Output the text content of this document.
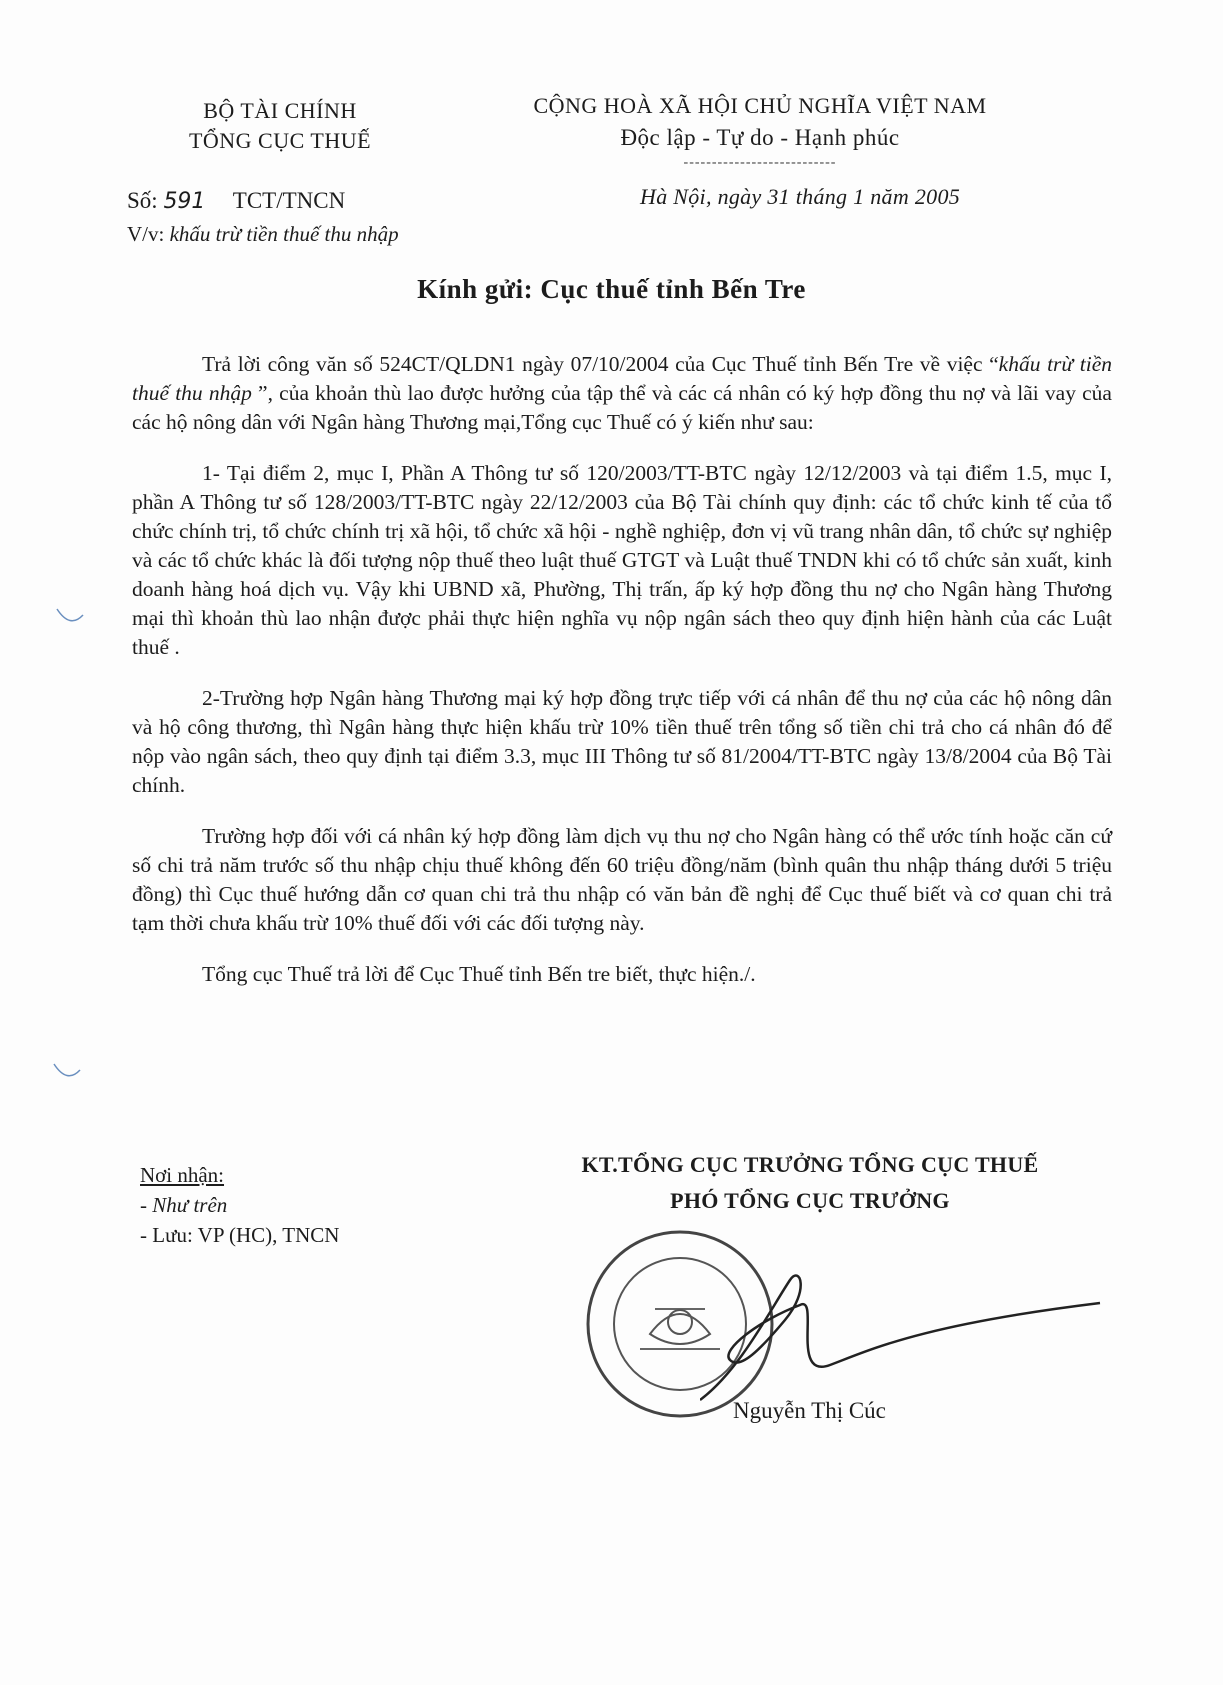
BỘ TÀI CHÍNH
TỔNG CỤC THUẾ
CỘNG HOÀ XÃ HỘI CHỦ NGHĨA VIỆT NAM
Độc lập - Tự do - Hạnh phúc
---------------------------
Số: 591 TCT/TNCN
V/v: khấu trừ tiền thuế thu nhập
Hà Nội, ngày 31 tháng 1 năm 2005
Kính gửi: Cục thuế tỉnh Bến Tre

Trả lời công văn số 524CT/QLDN1 ngày 07/10/2004 của Cục Thuế tỉnh Bến Tre về việc “khấu trừ tiền thuế thu nhập ”, của khoản thù lao được hưởng của tập thể và các cá nhân có ký hợp đồng thu nợ và lãi vay của các hộ nông dân với Ngân hàng Thương mại,Tổng cục Thuế có ý kiến như sau:

1- Tại điểm 2, mục I, Phần A Thông tư số 120/2003/TT-BTC ngày 12/12/2003 và tại điểm 1.5, mục I, phần A Thông tư số 128/2003/TT-BTC ngày 22/12/2003 của Bộ Tài chính quy định: các tổ chức kinh tế của tổ chức chính trị, tổ chức chính trị xã hội, tổ chức xã hội - nghề nghiệp, đơn vị vũ trang nhân dân, tổ chức sự nghiệp và các tổ chức khác là đối tượng nộp thuế theo luật thuế GTGT và Luật thuế TNDN khi có tổ chức sản xuất, kinh doanh hàng hoá dịch vụ. Vậy khi UBND xã, Phường, Thị trấn, ấp ký hợp đồng thu nợ cho Ngân hàng Thương mại thì khoản thù lao nhận được phải thực hiện nghĩa vụ nộp ngân sách theo quy định hiện hành của các Luật thuế .

2-Trường hợp Ngân hàng Thương mại ký hợp đồng trực tiếp với cá nhân để thu nợ của các hộ nông dân và hộ công thương, thì Ngân hàng thực hiện khấu trừ 10% tiền thuế trên tổng số tiền chi trả cho cá nhân đó để nộp vào ngân sách, theo quy định tại điểm 3.3, mục III Thông tư số 81/2004/TT-BTC ngày 13/8/2004 của Bộ Tài chính.

Trường hợp đối với cá nhân ký hợp đồng làm dịch vụ thu nợ cho Ngân hàng có thể ước tính hoặc căn cứ số chi trả năm trước số thu nhập chịu thuế không đến 60 triệu đồng/năm (bình quân thu nhập tháng dưới 5 triệu đồng) thì Cục thuế hướng dẫn cơ quan chi trả thu nhập có văn bản đề nghị để Cục thuế biết và cơ quan chi trả tạm thời chưa khấu trừ 10% thuế đối với các đối tượng này.

Tổng cục Thuế trả lời để Cục Thuế tỉnh Bến tre biết, thực hiện./.

Nơi nhận:
- Như trên
- Lưu: VP (HC), TNCN
KT.TỔNG CỤC TRƯỞNG TỔNG CỤC THUẾ
PHÓ TỔNG CỤC TRƯỞNG
Nguyễn Thị Cúc
